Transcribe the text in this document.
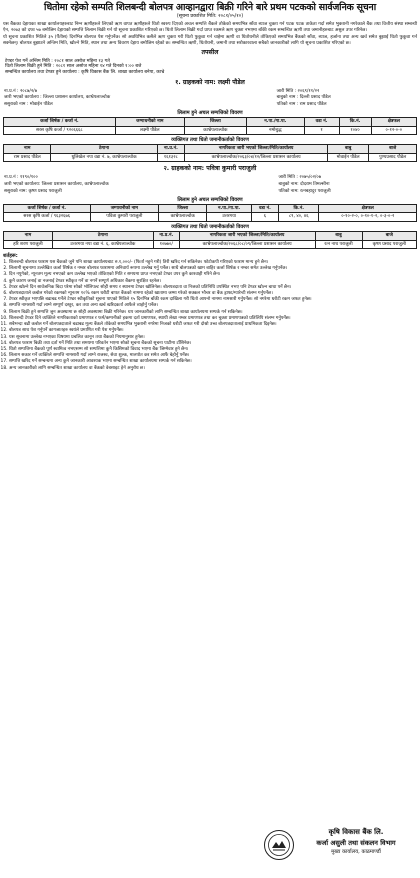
धितोमा रहेको सम्पति शिलबन्दी बोलपत्र आव्हानद्वारा बिक्री गरिने बारे प्रथम पटकको सार्वजनिक सूचना
(सूचना प्रकाशित मिति: २०८१/०५/१०)
यस बैंकका देहायका शाखा कार्यालयहरुबाट निम्न ऋणीहरुले लिएको ऋण वापत ऋणीहरुले धितो स्वरुप दिएको अचल सम्पत्ति बैंकले तोकेको समयभित्र साँवा ब्याज चुक्ता गर्न पटक पटक ताकेता गर्दा समेत भुक्तानी नगरेकाले बैंक तथा वित्तीय संस्था सम्बन्धी ऐन, २०७३ को दफा ५७ बमोजिम देहायको सम्पत्ति लिलाम बिक्री गर्न यो सूचना प्रकाशित गरिएको छ। धितो लिलाम बिक्री गर्दा प्राप्त रकमले ऋण चुक्ता नभएमा बाँकी रकम सम्बन्धित ऋणी तथा जमानीहरुबाट असुल उपर गरिनेछ।
यो सूचना प्रकाशित मितिले ३५ (पैंतीस) दिनभित्र बोलपत्र पेश गर्नुपर्नेछ। सो अवधिभित्र कसैले ऋण चुक्ता गरी धितो फुकुवा गर्न चाहेमा ऋणी वा धितोधनीले तोकिएको समयभित्र बैंकको साँवा, ब्याज, हर्जाना तथा अन्य खर्च समेत बुझाई धितो फुकुवा गर्न सक्नेछन्। बोलपत्र बुझाउने अन्तिम मिति, खोल्ने मिति, स्थान तथा अन्य विवरण देहाय बमोजिम रहेको छ। सम्बन्धित ऋणी, धितोधनी, जमानी तथा सरोकारवाला सबैको जानकारीको लागि यो सूचना प्रकाशित गरिएको छ।
तपसील
टेण्डर पेश गर्ने अन्तिम मिति : २०८१ साल असोज महिना १३ गते
धितो लिलाम बिक्री हुने मिति : २०८१ साल असोज महिना १४ गते दिनको १:०० बजे
सम्बन्धित कार्यालय तथा टेण्डर हुने कार्यालय : कृषि विकास बैंक लि. शाखा कार्यालय बनेपा, काभ्रे
१. ग्राहकको नाम: लक्ष्मी पौडेल
ना.प्र.नं : २०८७/२/७	जारी मिति : २०६९/११/२२
जारी भएको कार्यालय : जिल्ला प्रशासन कार्यालय, काभ्रेपलाञ्चोक	बाबुको नाम : दिल्ली प्रसाद पौडेल
ससुराको नाम : मोवाईन पौडेल	पतिको नाम : राम प्रसाद पौडेल
लिलाम हुने अचल सम्पत्तिको विवरण
कर्जा शिर्षक / कर्जा नं.	जग्गाधनीको नाम	जिल्ला	न.पा./गा.पा.	वडा नं.	कि.नं.	क्षेत्रफल
सरस कृषि कर्जा / ९२०६६६८	लक्ष्मी पौडेल	काभ्रेपलाञ्चोक	नमोबुद्ध	१	१०४०	०-१२-०-०
व्यक्तिगत तथा धितो जमानीकर्ताको विवरण
नाम	ठेगाना	ना.प्र.नं.	नागरिकता जारी भएको जिल्ला/मिति/कार्यालय	बाबु	बाजे
राम प्रसाद पौडेल	धुलिखेल नपा वडा नं. ७, काभ्रेपलाञ्चोक	१६१३२८	काभ्रेपलाञ्चोक/२०६३/०४/१२/जिल्ला प्रशासन कार्यालय	मोवाईन पौडेल	पुण्यप्रसाद पौडेल
२. ग्राहकको नाम: पवित्रा कुमारी पराजुली
ना.प्र.नं : ११९०/१००	जारी मिति : २०७५/०२/०७
जारी भएको कार्यालय: जिल्ला प्रशासन कार्यालय, काभ्रेपलाञ्चोक	बाबुको नाम: दोदराम तिमल्सीना
ससुराको नाम: कृष्ण प्रसाद पराजुली	पतिको नाम: रत्नबहादुर पराजुली
लिलाम हुने अचल सम्पत्तिको विवरण
कर्जा शिर्षक / कर्जा नं.	जग्गाधनीको नाम	जिल्ला	न.पा./गा.पा.	वडा नं.	कि.नं.	क्षेत्रफल
सरस कृषि कर्जा / ९६३२६७६	पवित्रा कुमारी पराजुली	काभ्रेपलाञ्चोक	उत्तरगया	६	८९, ४०, ४६	०-१०-२-०, ०-१०-१-२, ०-३-०-२
व्यक्तिगत तथा धितो जमानीकर्ताको विवरण
नाम	ठेगाना	ना.प्र.नं.	नागरिकता जारी भएको जिल्ला/मिति/कार्यालय	बाबु	बाजे
हरि शरण पराजुली	उत्तरगया नपा वडा नं. ६, काभ्रेपलाञ्चोक	१०७७०/	काभ्रेपलाञ्चोक/२०६८/०८/०९/जिल्ला प्रशासन कार्यालय	रत्न नाथ पराजुली	कृष्ण प्रसाद पराजुली
शर्तहरू:
1. शिलबन्दी बोलपत्र फाराम यस बैंकको जुनै पनि शाखा कार्यालयबाट रु.१,०००/- (फिर्ता नहुने गरी) तिरी खरिद गर्न सकिनेछ। फोटोकपी गरिएको फाराम मान्य हुने छैन।
2. लिलामी सूचनामा उल्लेखित कर्जा शिर्षक र नम्बर बोलपत्र फाराममा अनिवार्य रूपमा उल्लेख गर्नु पर्नेछ। साथै बोलपत्रको खाम बाहिर कर्जा शिर्षक र नम्बर समेत उल्लेख गर्नुपर्नेछ।
3. दिन नपुगेको, न्यूनतम मूल्य नभएको कम उल्लेख भएको तोकिएको मिति र समयमा प्राप्त नभएको टेण्डर उपर कुनै कारवाही गरिने छैन।
4. कुनै कारण जनाई वा नजनाई टेण्डर स्वीकृत गर्ने वा नगर्ने सम्पूर्ण अधिकार बैंकमा सुरक्षित रहनेछ।
5. टेण्डर खोल्ने दिन सार्वजनिक बिदा परेमा सोको भोलिपल्ट सोही समय र स्थानमा टेण्डर खोलिनेछ। बोलपत्रदाता वा निजको प्रतिनिधि उपस्थित नभए पनि टेण्डर खोल्न बाधा पर्ने छैन।
6. बोलपत्रदाताले कबोल गरेको रकमको न्यूनतम १०% रकम धरौटी बापत बैंकको नाममा रहेको खातामा जम्मा गरेको सक्कल भौचर वा बैंक ड्राफ्ट/ग्यारेन्टी संलग्न गर्नुपर्नेछ।
7. टेण्डर स्वीकृत भएपछि बढाबढ गर्नेले टेण्डर स्वीकृतिको सूचना पाएको मितिले १५ दिनभित्र बाँकी रकम दाखिला गरी धितो आफ्नो नाममा नामसारी गर्नुपर्नेछ। सो नगरेमा धरौटी रकम जफत हुनेछ।
8. सम्पत्ति नामसारी गर्दा लाग्ने सम्पूर्ण दस्तुर, कर तथा अन्य खर्च खरिदकर्ता आफैले व्यहोर्नु पर्नेछ।
9. लिलाम बिक्री हुने सम्पत्ति जुन अवस्थामा छ सोही अवस्थामा बिक्री गरिनेछ। थप जानकारीको लागि सम्बन्धित शाखा कार्यालयमा सम्पर्क गर्न सकिनेछ।
10. शिलबन्दी टेण्डर दिने व्यक्तिले नागरिकताको प्रमाणपत्र र फर्म/कम्पनीको हकमा दर्ता प्रमाणपत्र, स्थायी लेखा नम्बर प्रमाणपत्र तथा कर चुक्ता प्रमाणपत्रको प्रतिलिपि संलग्न गर्नुपर्नेछ।
11. सबैभन्दा बढी कबोल गर्ने बोलपत्रदाताले बढाबढ मूल्य बैंकले तोकेको समयभित्र भुक्तानी नगरेमा निजको धरौटी जफत गरी दोस्रो उच्च बोलपत्रदातालाई प्राथमिकता दिइनेछ।
12. बोलपत्र साथ पेश गर्नुपर्ने कागजातहरु स्वयंले प्रमाणित गरी पेश गर्नुपर्नेछ।
13. यस सूचनामा उल्लेख नभएका विषयमा प्रचलित कानून तथा बैंकको नियमानुसार हुनेछ।
14. बोलपत्र फाराम बिक्री तथा दर्ता गर्ने मिति तथा समयमा परिवर्तन भएमा सोको सूचना बैंकको सूचना पाटीमा टाँसिनेछ।
15. धितो सम्पत्तिमा बैंकको पूर्ण स्वामित्व नभएसम्म सो सम्पत्तिमा कुनै किसिमको विवाद भएमा बैंक जिम्मेवार हुने छैन।
16. लिलाम सकार गर्ने व्यक्तिले सम्पत्ति नामसारी गर्दा लाग्ने राजस्व, सेवा शुल्क, मालपोत कर समेत आफैं बेहोर्नु पर्नेछ।
17. सम्पत्ति खरिद गर्ने सम्बन्धमा अन्य कुनै जानकारी आवश्यक भएमा सम्बन्धित शाखा कार्यालयमा सम्पर्क गर्न सकिनेछ।
18. अन्य जानकारीको लागि सम्बन्धित शाखा कार्यालय वा बैंकको वेबसाइट हेर्न अनुरोध छ।
कृषि विकास बैंक लि.
कर्जा असुली तथा संकलन विभाग
मुख्य कार्यालय, काठमाण्डौं
